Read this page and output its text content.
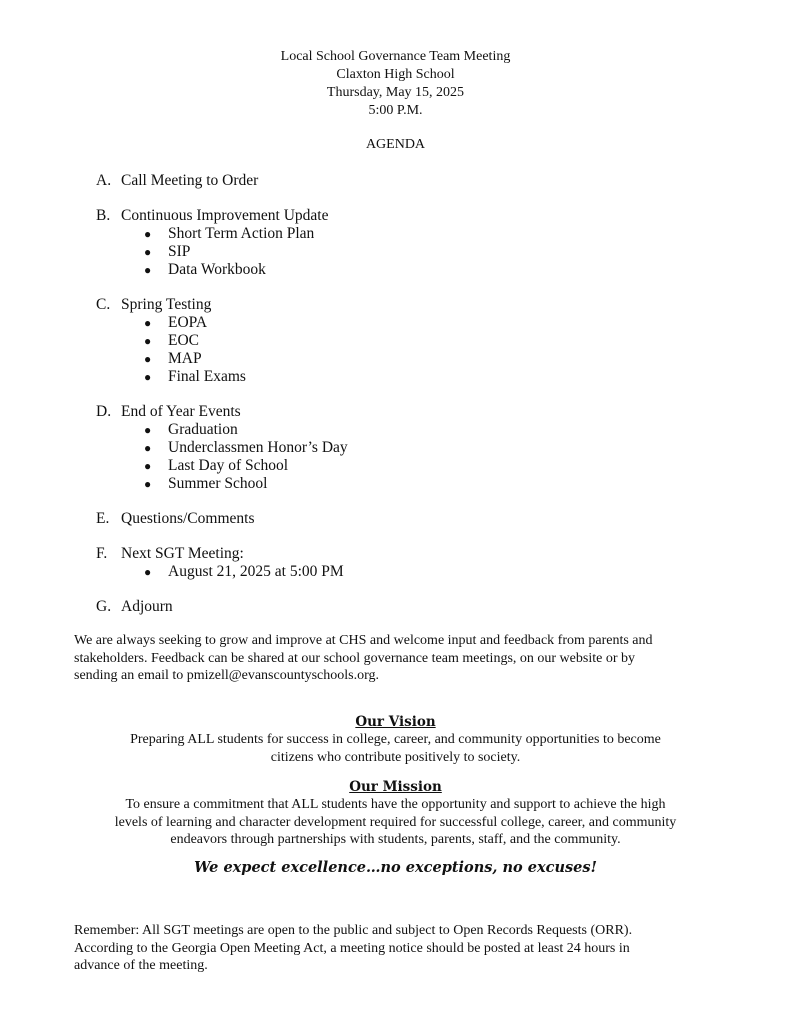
Local School Governance Team Meeting
Claxton High School
Thursday, May 15, 2025
5:00 P.M.
AGENDA
A. Call Meeting to Order
B. Continuous Improvement Update
● Short Term Action Plan
● SIP
● Data Workbook
C. Spring Testing
● EOPA
● EOC
● MAP
● Final Exams
D. End of Year Events
● Graduation
● Underclassmen Honor’s Day
● Last Day of School
● Summer School
E. Questions/Comments
F. Next SGT Meeting:
● August 21, 2025 at 5:00 PM
G. Adjourn
We are always seeking to grow and improve at CHS and welcome input and feedback from parents and
stakeholders. Feedback can be shared at our school governance team meetings, on our website or by
sending an email to pmizell@evanscountyschools.org.
Our Vision
Preparing ALL students for success in college, career, and community opportunities to become
citizens who contribute positively to society.
Our Mission
To ensure a commitment that ALL students have the opportunity and support to achieve the high
levels of learning and character development required for successful college, career, and community
endeavors through partnerships with students, parents, staff, and the community.
We expect excellence…no exceptions, no excuses!
Remember: All SGT meetings are open to the public and subject to Open Records Requests (ORR).
According to the Georgia Open Meeting Act, a meeting notice should be posted at least 24 hours in
advance of the meeting.
